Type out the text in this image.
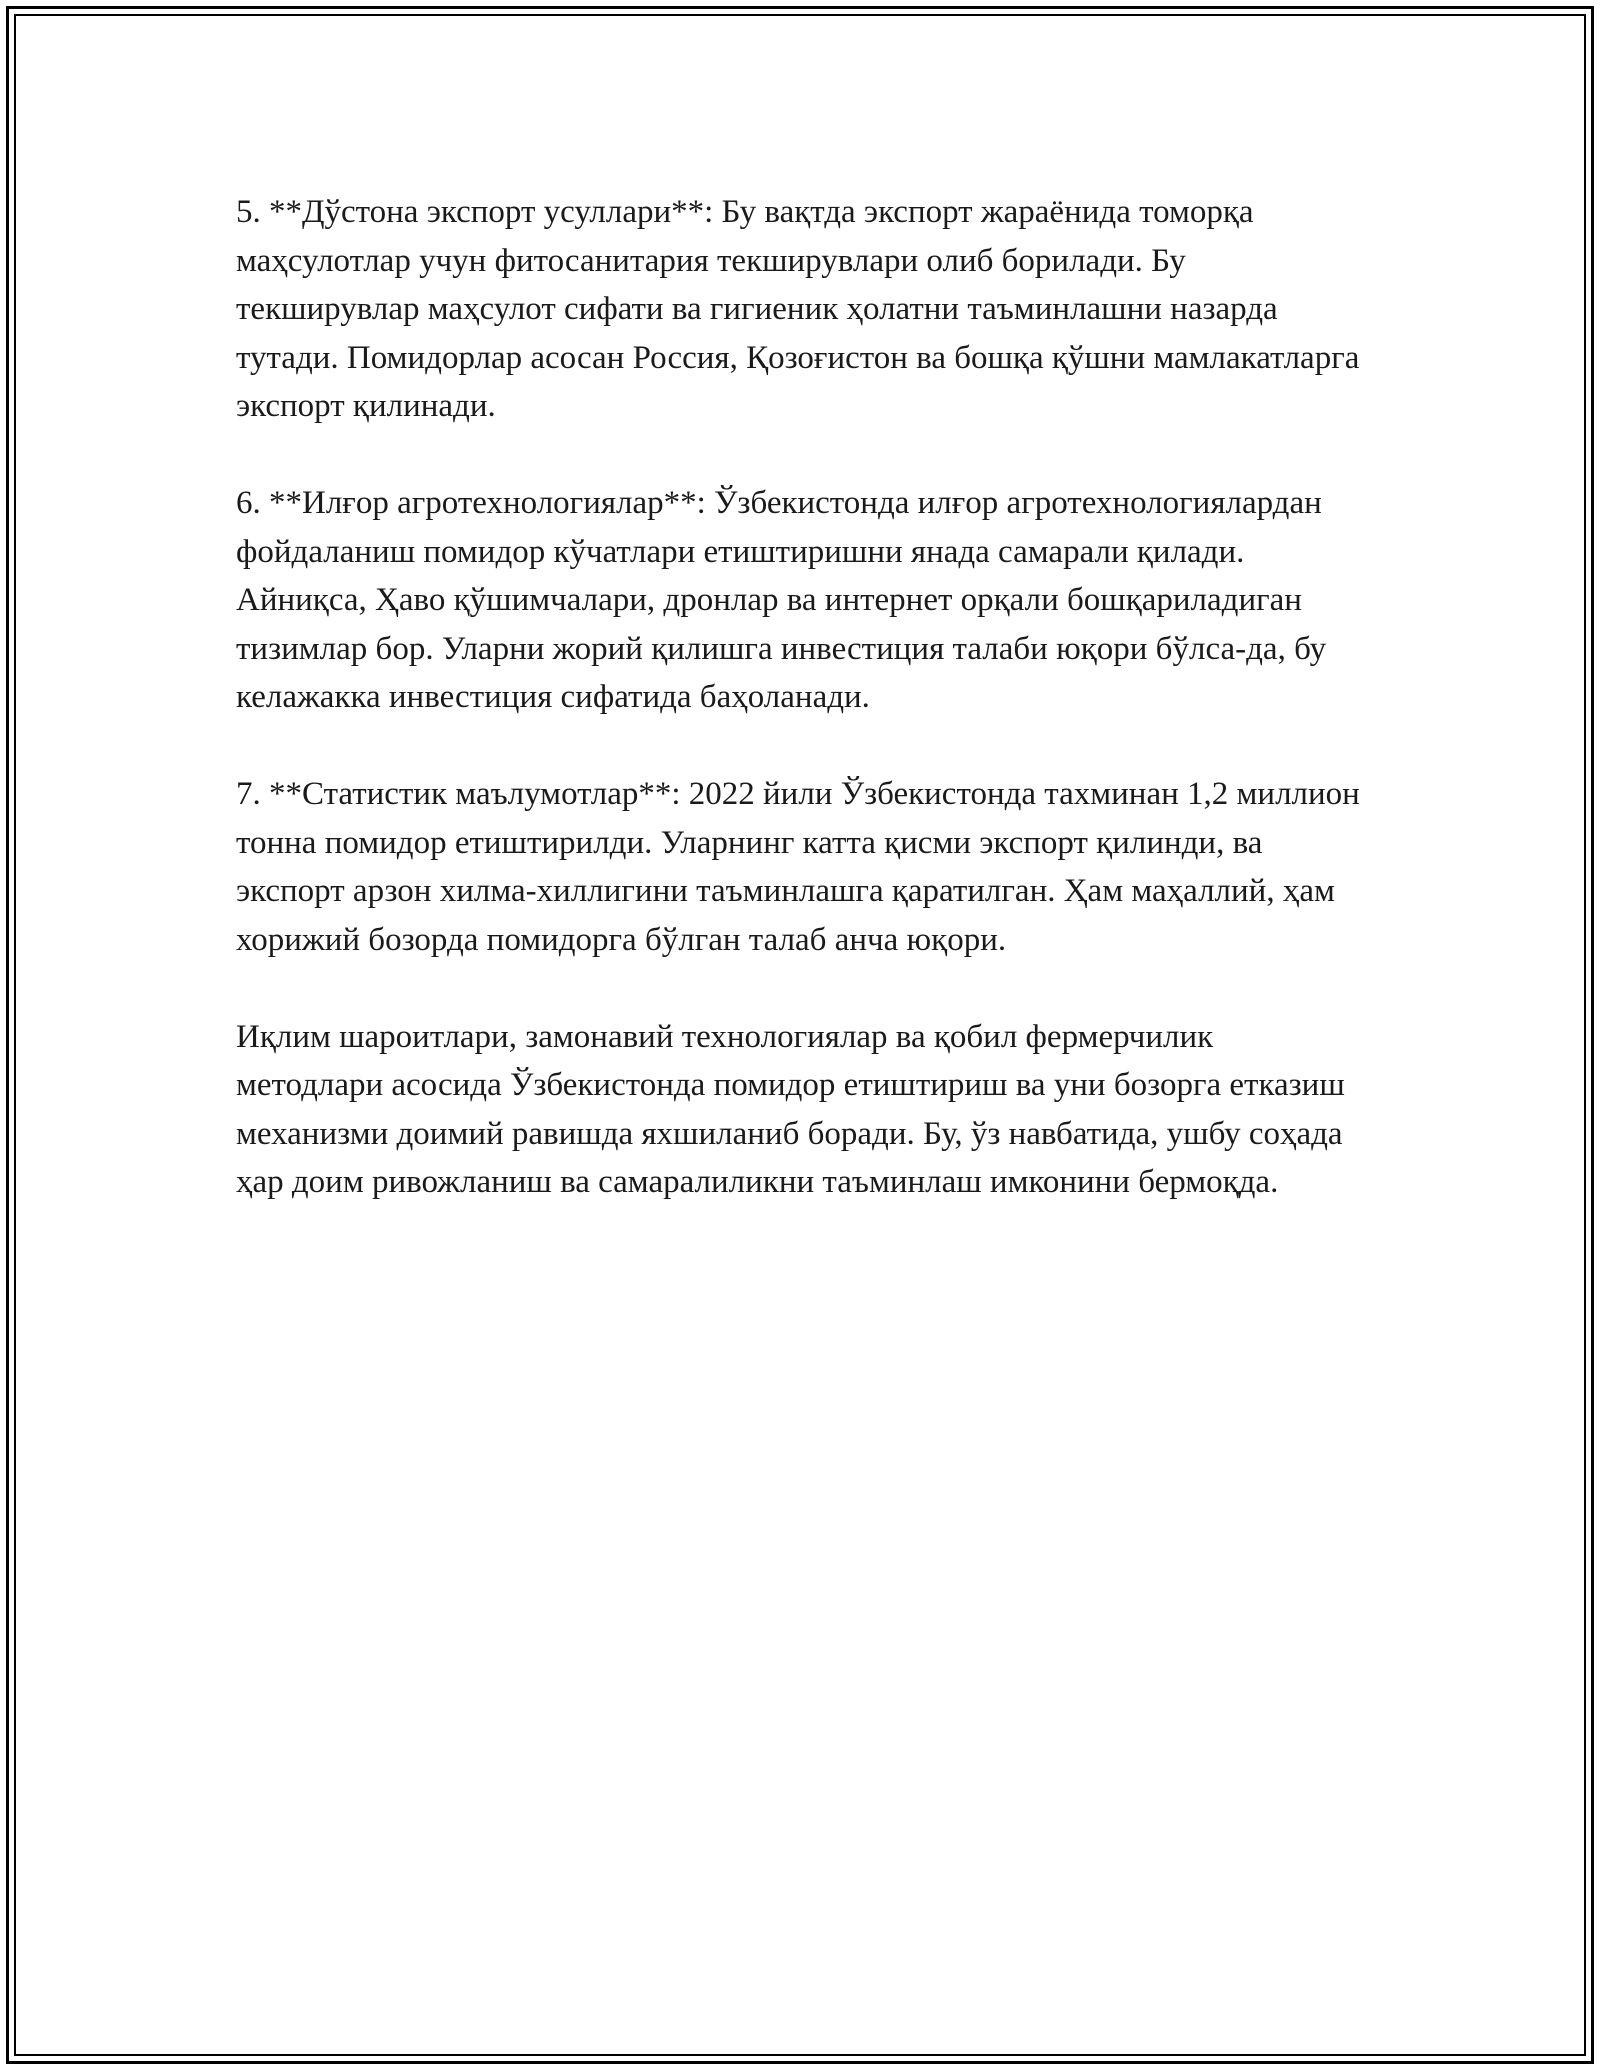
5. **Дўстона экспорт усуллари**: Бу вақтда экспорт жараёнида томорқа маҳсулотлар учун фитосанитария текширувлари олиб борилади. Бу текширувлар маҳсулот сифати ва гигиеник ҳолатни таъминлашни назарда тутади. Помидорлар асосан Россия, Қозоғистон ва бошқа қўшни мамлакатларга экспорт қилинади.

6. **Илғор агротехнологиялар**: Ўзбекистонда илғор агротехнологиялардан фойдаланиш помидор кўчатлари етиштиришни янада самарали қилади. Айниқса, Ҳаво қўшимчалари, дронлар ва интернет орқали бошқариладиган тизимлар бор. Уларни жорий қилишга инвестиция талаби юқори бўлса-да, бу келажакка инвестиция сифатида баҳоланади.

7. **Статистик маълумотлар**: 2022 йили Ўзбекистонда тахминан 1,2 миллион тонна помидор етиштирилди. Уларнинг катта қисми экспорт қилинди, ва экспорт арзон хилма-хиллигини таъминлашга қаратилган. Ҳам маҳаллий, ҳам хорижий бозорда помидорга бўлган талаб анча юқори.

Иқлим шароитлари, замонавий технологиялар ва қобил фермерчилик методлари асосида Ўзбекистонда помидор етиштириш ва уни бозорга етказиш механизми доимий равишда яхшиланиб боради. Бу, ўз навбатида, ушбу соҳада ҳар доим ривожланиш ва самаралиликни таъминлаш имконини бермоқда.
